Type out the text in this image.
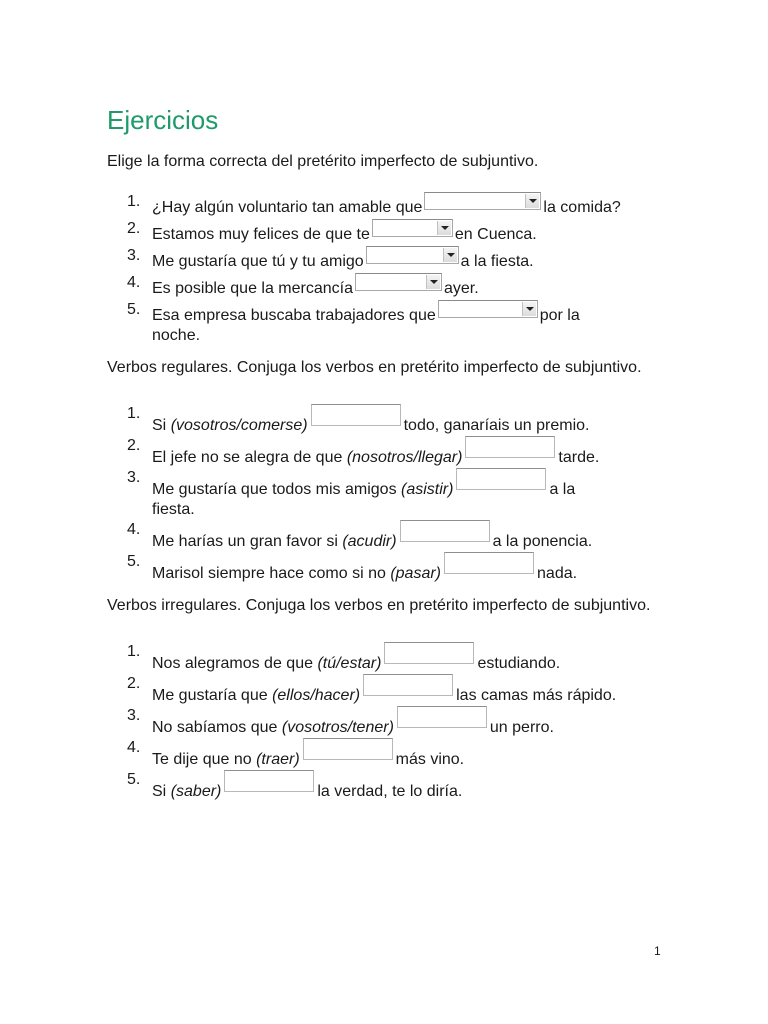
Ejercicios

Elige la forma correcta del pretérito imperfecto de subjuntivo.

1. ¿Hay algún voluntario tan amable que	la comida?
2. Estamos muy felices de que te	en Cuenca.
3. Me gustaría que tú y tu amigo	a la fiesta.
4. Es posible que la mercancía	ayer.
5. Esa empresa buscaba trabajadores que	por la
noche.

Verbos regulares. Conjuga los verbos en pretérito imperfecto de subjuntivo.

1.
Si (vosotros/comerse)	todo, ganaríais un premio.
2.
El jefe no se alegra de que (nosotros/llegar)	tarde.
3.
Me gustaría que todos mis amigos (asistir)	a la
fiesta.
4.
Me harías un gran favor si (acudir)	a la ponencia.
5.
Marisol siempre hace como si no (pasar)	nada.

Verbos irregulares. Conjuga los verbos en pretérito imperfecto de subjuntivo.

1.
Nos alegramos de que (tú/estar)	estudiando.
2.
Me gustaría que (ellos/hacer)	las camas más rápido.
3.
No sabíamos que (vosotros/tener)	un perro.
4.
Te dije que no (traer)	más vino.
5.
Si (saber)	la verdad, te lo diría.
1
